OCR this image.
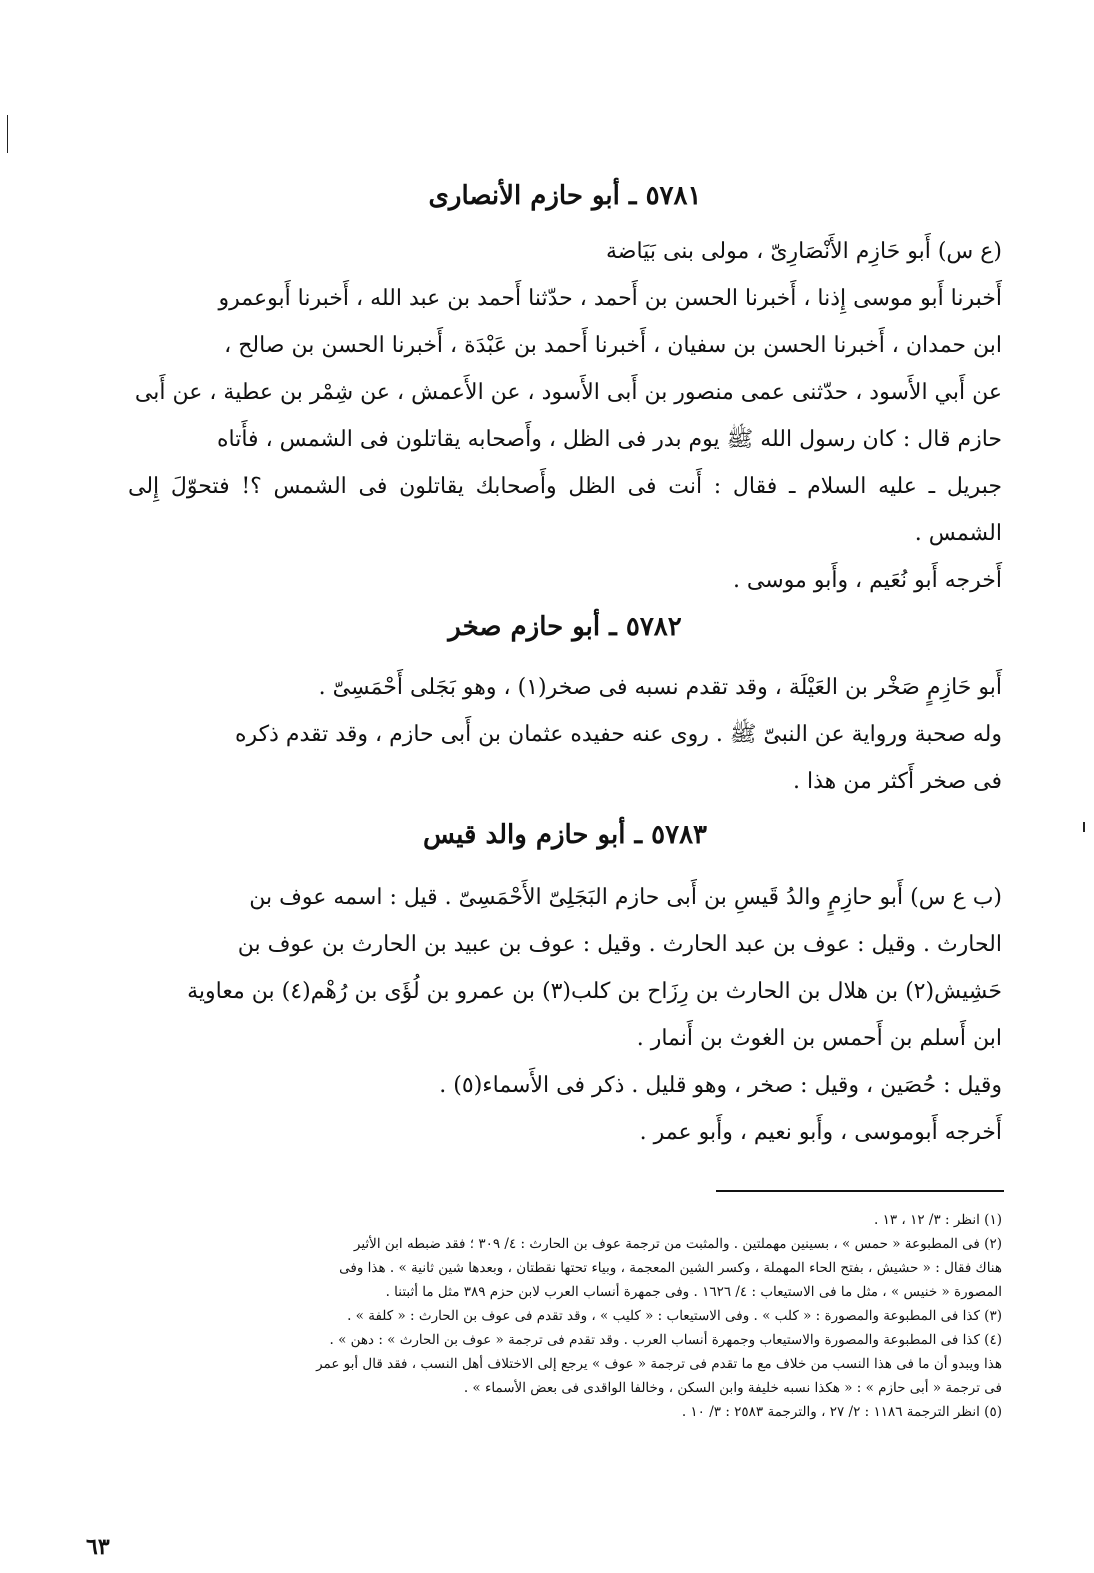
٥٧٨١ ـ أبو حازم الأنصارى

(ع س) أَبو حَازِم الأَنْصَارِىّ ، مولى بنى بَيَاضة

أَخبرنا أَبو موسى إِذنا ، أَخبرنا الحسن بن أَحمد ، حدّثنا أَحمد بن عبد الله ، أَخبرنا أَبوعمرو

ابن حمدان ، أَخبرنا الحسن بن سفيان ، أَخبرنا أَحمد بن عَبْدَة ، أَخبرنا الحسن بن صالح ،

عن أَبي الأَسود ، حدّثنى عمى منصور بن أَبى الأَسود ، عن الأَعمش ، عن شِمْر بن عطية ، عن أَبى

حازم قال : كان رسول الله ﷺ يوم بدر فى الظل ، وأَصحابه يقاتلون فى الشمس ، فأَتاه

جبريل ـ عليه السلام ـ فقال : أَنت فى الظل وأَصحابك يقاتلون فى الشمس ؟! فتحوّلَ إِلى الشمس .

أَخرجه أَبو نُعَيم ، وأَبو موسى .

٥٧٨٢ ـ أبو حازم صخر

أَبو حَازِمٍ صَخْر بن العَيْلَة ، وقد تقدم نسبه فى صخر(١) ، وهو بَجَلى أَحْمَسِىّ .

وله صحبة ورواية عن النبىّ ﷺ . روى عنه حفيده عثمان بن أَبى حازم ، وقد تقدم ذكره

فى صخر أَكثر من هذا .

٥٧٨٣ ـ أبو حازم والد قيس

(ب ع س) أَبو حازِمٍ والدُ قَيسِ بن أَبى حازم البَجَلِىّ الأَحْمَسِىّ . قيل : اسمه عوف بن

الحارث . وقيل : عوف بن عبد الحارث . وقيل : عوف بن عبيد بن الحارث بن عوف بن

حَشِيش(٢) بن هلال بن الحارث بن رِزَاح بن كلب(٣) بن عمرو بن لُؤَى بن رُهْم(٤) بن معاوية

ابن أَسلم بن أَحمس بن الغوث بن أَنمار .

وقيل : حُصَين ، وقيل : صخر ، وهو قليل . ذكر فى الأَسماء(٥) .

أَخرجه أَبوموسى ، وأَبو نعيم ، وأَبو عمر .

(١) انظر : ٣/ ١٢ ، ١٣ .

(٢) فى المطبوعة « حمس » ، بسينين مهملتين . والمثبت من ترجمة عوف بن الحارث : ٤/ ٣٠٩ ؛ فقد ضبطه ابن الأثير

هناك فقال : « حشيش ، بفتح الحاء المهملة ، وكسر الشين المعجمة ، وبياء تحتها نقطتان ، وبعدها شين ثانية » . هذا وفى

المصورة « خنيس » ، مثل ما فى الاستيعاب : ٤/ ١٦٢٦ . وفى جمهرة أنساب العرب لابن حزم ٣٨٩ مثل ما أثبتنا .

(٣) كذا فى المطبوعة والمصورة : « كلب » . وفى الاستيعاب : « كليب » ، وقد تقدم فى عوف بن الحارث : « كلفة » .

(٤) كذا فى المطبوعة والمصورة والاستيعاب وجمهرة أنساب العرب . وقد تقدم فى ترجمة « عوف بن الحارث » : دهن » .

هذا ويبدو أن ما فى هذا النسب من خلاف مع ما تقدم فى ترجمة « عوف » يرجع إلى الاختلاف أهل النسب ، فقد قال أبو عمر

فى ترجمة « أبى حازم » : « هكذا نسبه خليفة وابن السكن ، وخالفا الواقدى فى بعض الأسماء » .

(٥) انظر الترجمة ١١٨٦ : ٢/ ٢٧ ، والترجمة ٢٥٨٣ : ٣/ ١٠ .

٦٣
